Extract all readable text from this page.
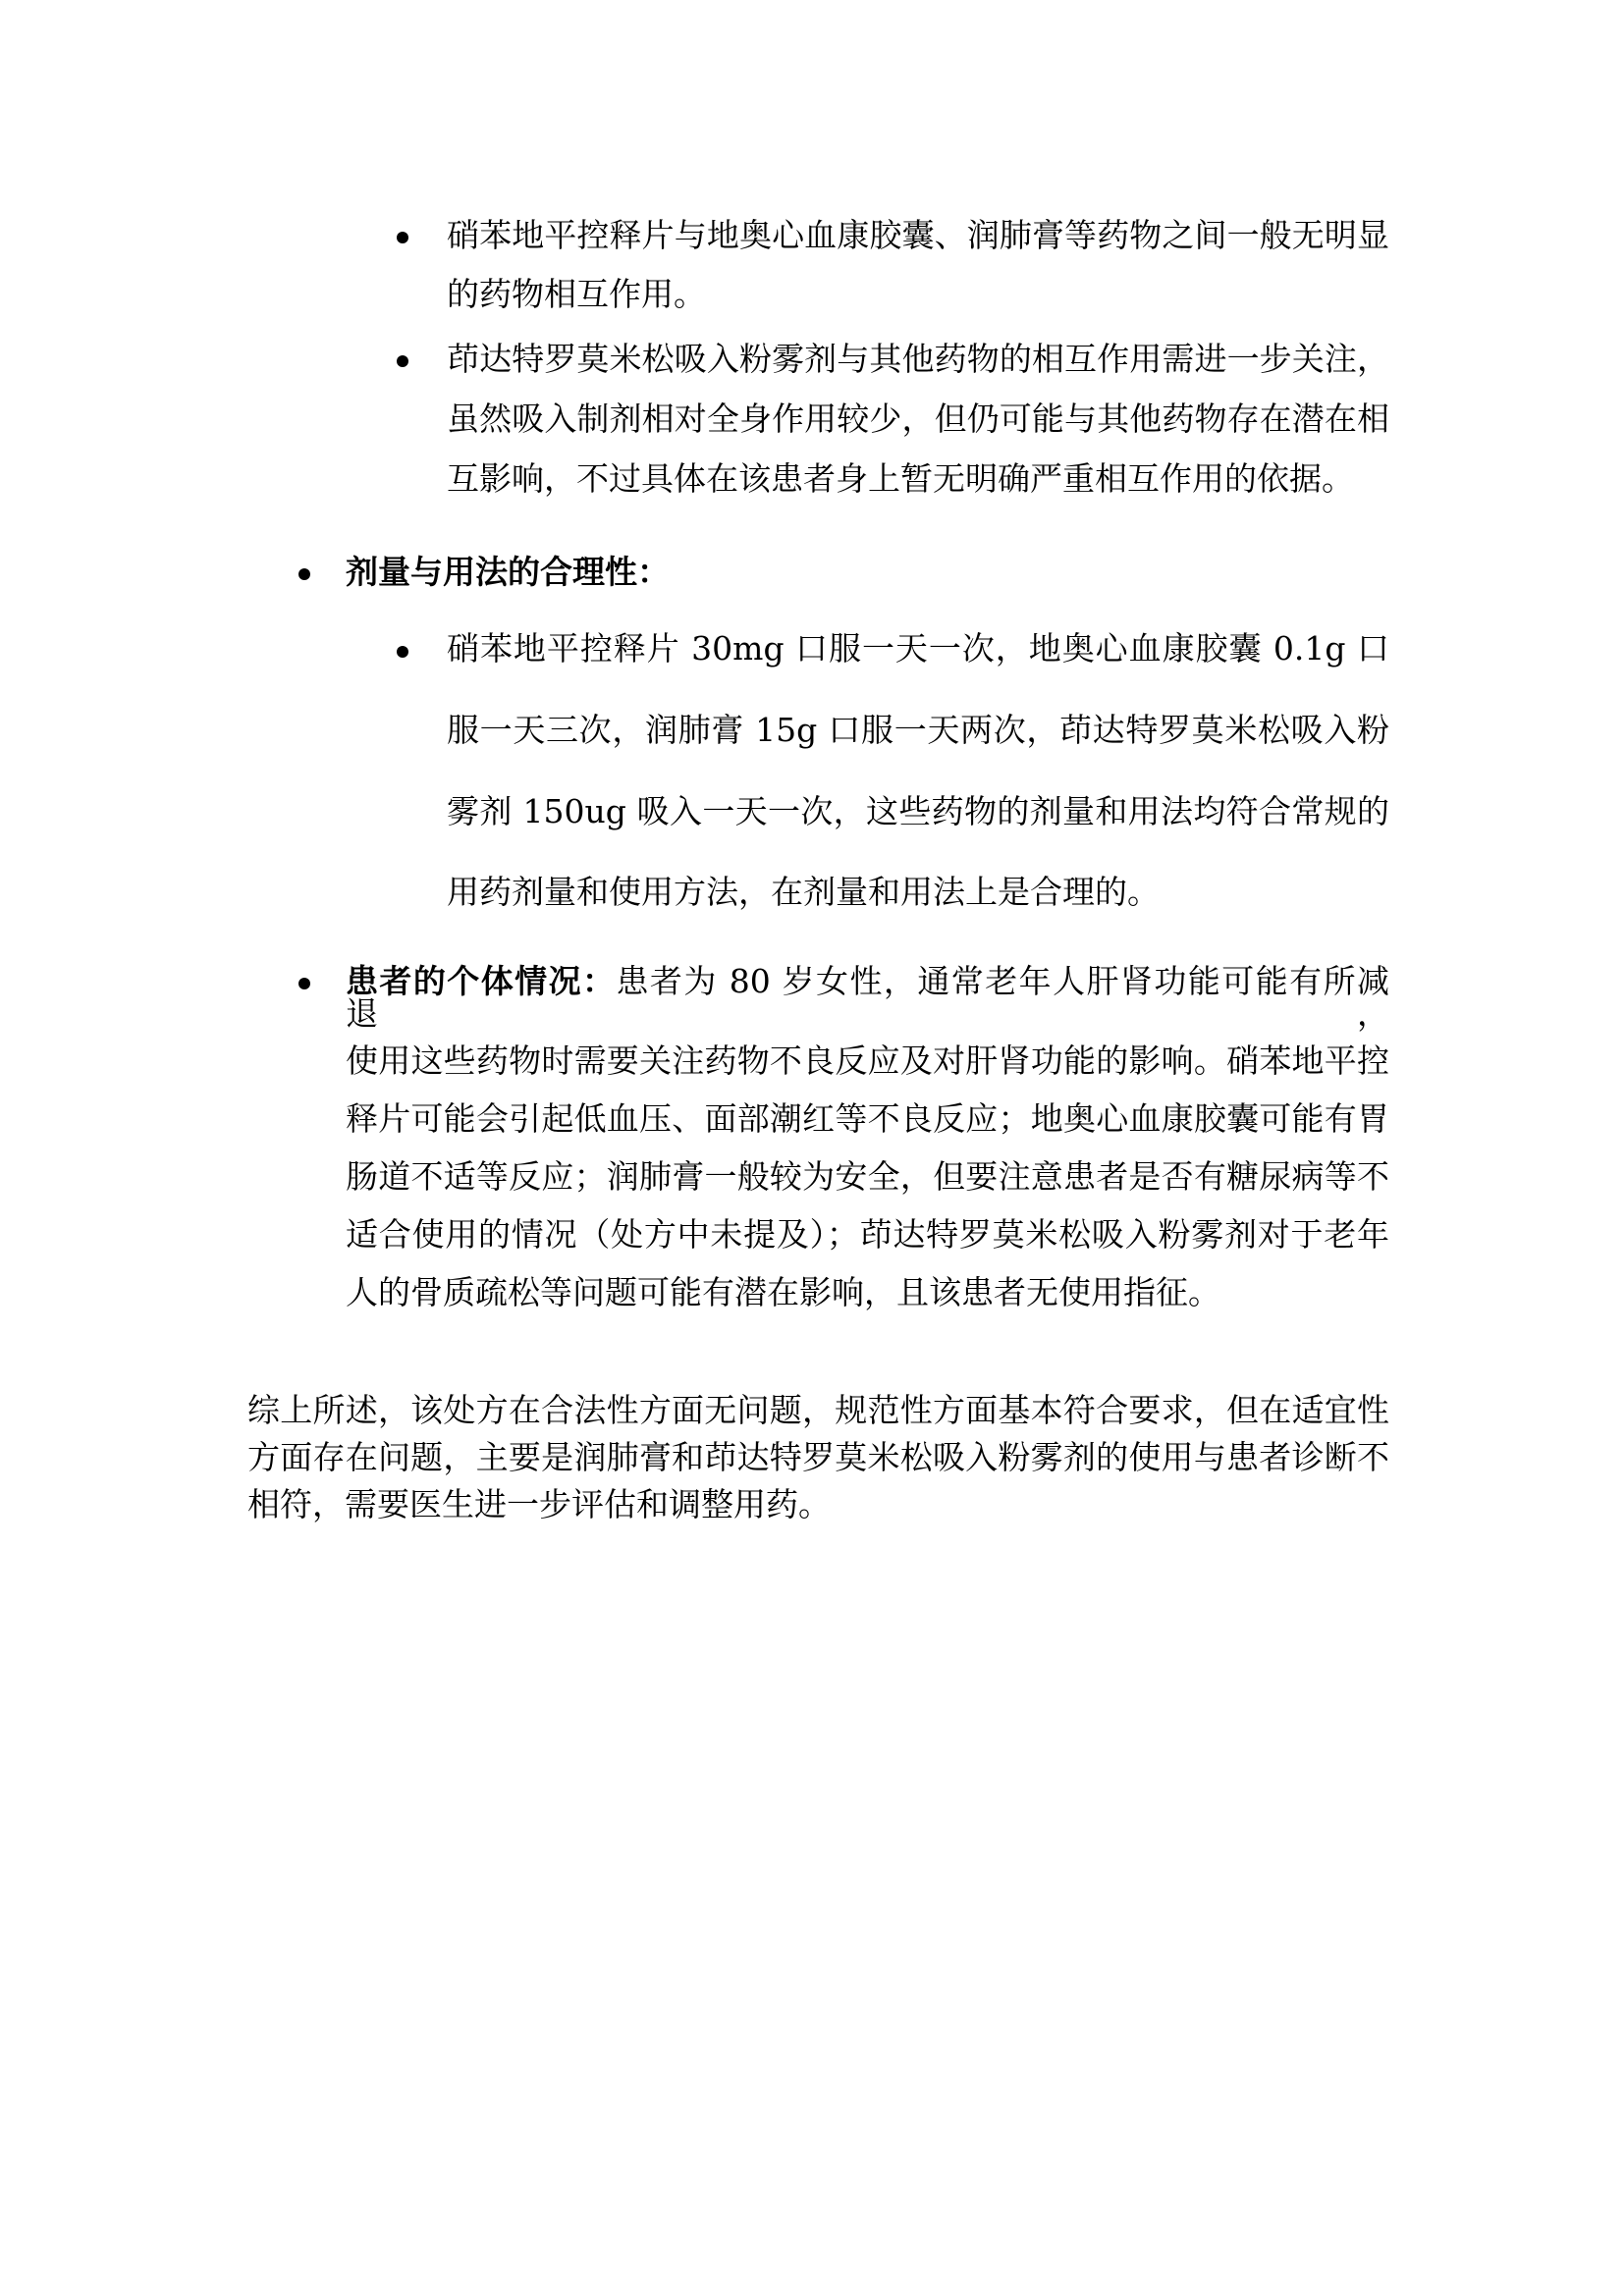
硝苯地平控释片与地奥心血康胶囊、润肺膏等药物之间一般无明显
的药物相互作用。
茚达特罗莫米松吸入粉雾剂与其他药物的相互作用需进一步关注，
虽然吸入制剂相对全身作用较少，但仍可能与其他药物存在潜在相
互影响，不过具体在该患者身上暂无明确严重相互作用的依据。
剂量与用法的合理性：
硝苯地平控释片 30mg 口服一天一次，地奥心血康胶囊 0.1g 口
服一天三次，润肺膏 15g 口服一天两次，茚达特罗莫米松吸入粉
雾剂 150ug 吸入一天一次，这些药物的剂量和用法均符合常规的
用药剂量和使用方法，在剂量和用法上是合理的。
患者的个体情况：患者为 80 岁女性，通常老年人肝肾功能可能有所减退，
使用这些药物时需要关注药物不良反应及对肝肾功能的影响。硝苯地平控
释片可能会引起低血压、面部潮红等不良反应；地奥心血康胶囊可能有胃
肠道不适等反应；润肺膏一般较为安全，但要注意患者是否有糖尿病等不
适合使用的情况（处方中未提及）；茚达特罗莫米松吸入粉雾剂对于老年
人的骨质疏松等问题可能有潜在影响，且该患者无使用指征。
综上所述，该处方在合法性方面无问题，规范性方面基本符合要求，但在适宜性
方面存在问题，主要是润肺膏和茚达特罗莫米松吸入粉雾剂的使用与患者诊断不
相符，需要医生进一步评估和调整用药。
